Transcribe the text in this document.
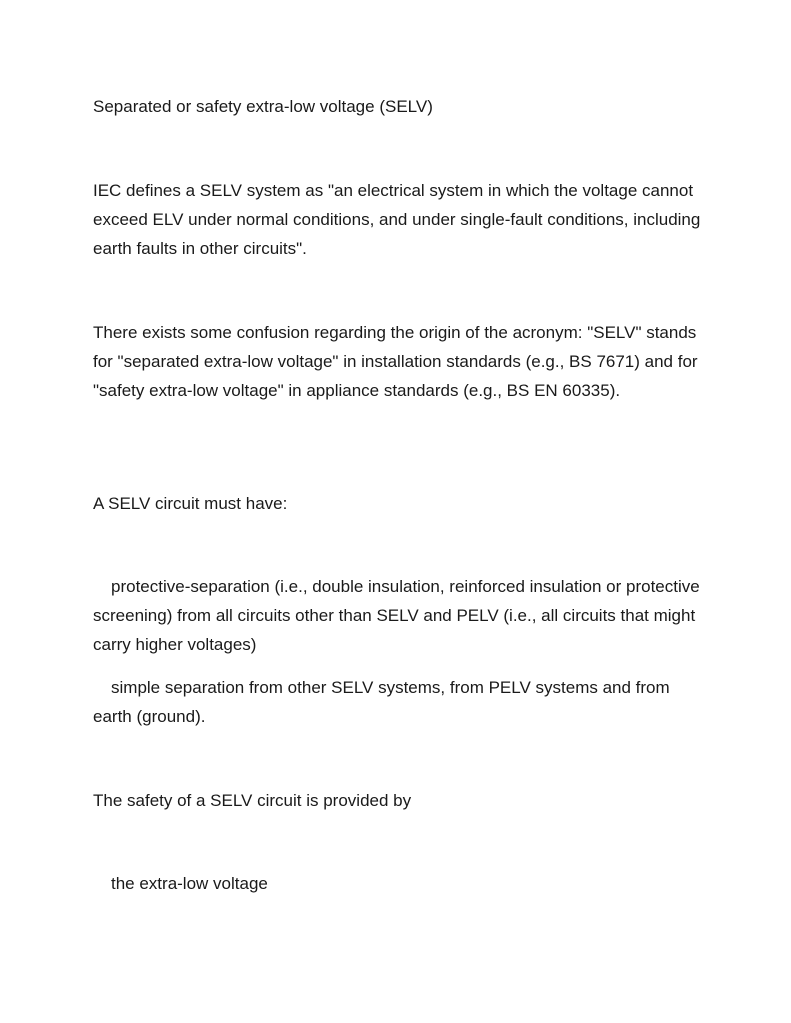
Separated or safety extra-low voltage (SELV)

IEC defines a SELV system as "an electrical system in which the voltage cannot exceed ELV under normal conditions, and under single-fault conditions, including earth faults in other circuits".

There exists some confusion regarding the origin of the acronym: "SELV" stands for "separated extra-low voltage" in installation standards (e.g., BS 7671) and for "safety extra-low voltage" in appliance standards (e.g., BS EN 60335).

A SELV circuit must have:

protective-separation (i.e., double insulation, reinforced insulation or protective screening) from all circuits other than SELV and PELV (i.e., all circuits that might carry higher voltages)

simple separation from other SELV systems, from PELV systems and from earth (ground).

The safety of a SELV circuit is provided by

the extra-low voltage
